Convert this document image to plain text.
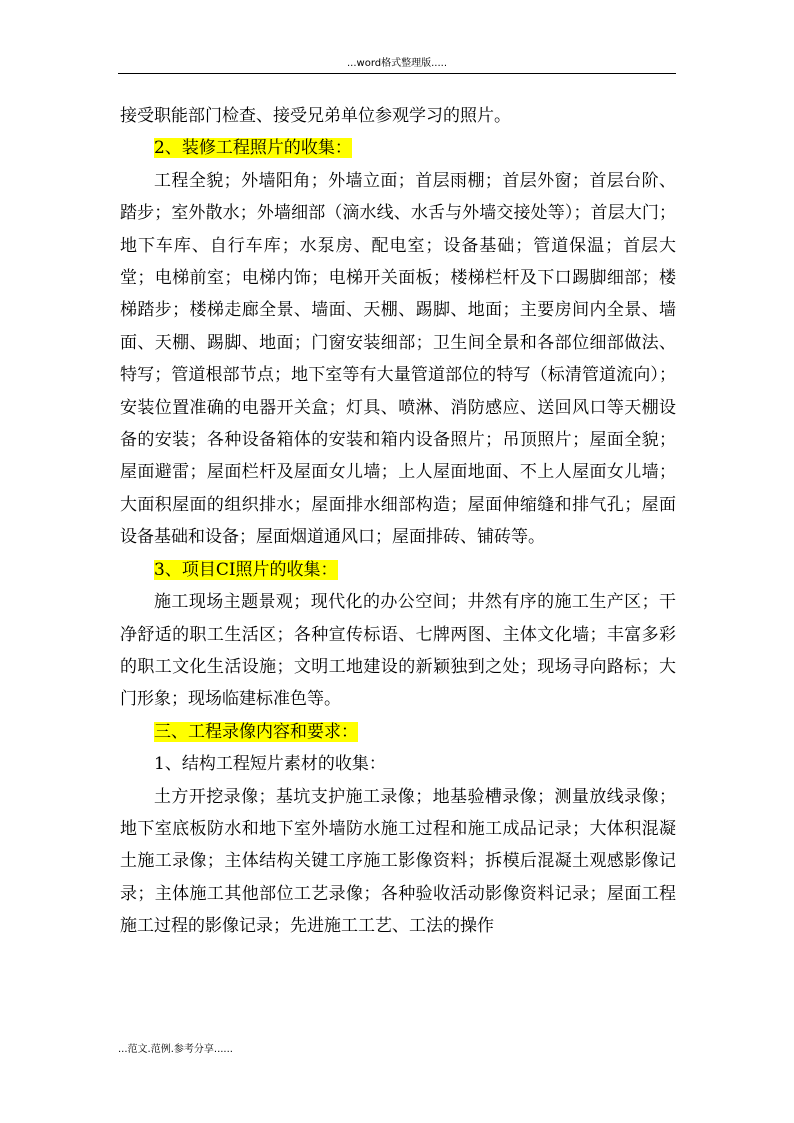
...word格式整理版.....

接受职能部门检查、接受兄弟单位参观学习的照片。

2、装修工程照片的收集：

工程全貌；外墙阳角；外墙立面；首层雨棚；首层外窗；首层台阶、踏步；室外散水；外墙细部（滴水线、水舌与外墙交接处等）；首层大门；地下车库、自行车库；水泵房、配电室；设备基础；管道保温；首层大堂；电梯前室；电梯内饰；电梯开关面板；楼梯栏杆及下口踢脚细部；楼梯踏步；楼梯走廊全景、墙面、天棚、踢脚、地面；主要房间内全景、墙面、天棚、踢脚、地面；门窗安装细部；卫生间全景和各部位细部做法、特写；管道根部节点；地下室等有大量管道部位的特写（标清管道流向）；安装位置准确的电器开关盒；灯具、喷淋、消防感应、送回风口等天棚设备的安装；各种设备箱体的安装和箱内设备照片；吊顶照片；屋面全貌；屋面避雷；屋面栏杆及屋面女儿墙；上人屋面地面、不上人屋面女儿墙；大面积屋面的组织排水；屋面排水细部构造；屋面伸缩缝和排气孔；屋面设备基础和设备；屋面烟道通风口；屋面排砖、铺砖等。

3、项目CI照片的收集：

施工现场主题景观；现代化的办公空间；井然有序的施工生产区；干净舒适的职工生活区；各种宣传标语、七牌两图、主体文化墙；丰富多彩的职工文化生活设施；文明工地建设的新颖独到之处；现场寻向路标；大门形象；现场临建标准色等。

三、工程录像内容和要求：

1、结构工程短片素材的收集：

土方开挖录像；基坑支护施工录像；地基验槽录像；测量放线录像；地下室底板防水和地下室外墙防水施工过程和施工成品记录；大体积混凝土施工录像；主体结构关键工序施工影像资料；拆模后混凝土观感影像记录；主体施工其他部位工艺录像；各种验收活动影像资料记录；屋面工程施工过程的影像记录；先进施工工艺、工法的操作

...范文.范例.参考分享......
